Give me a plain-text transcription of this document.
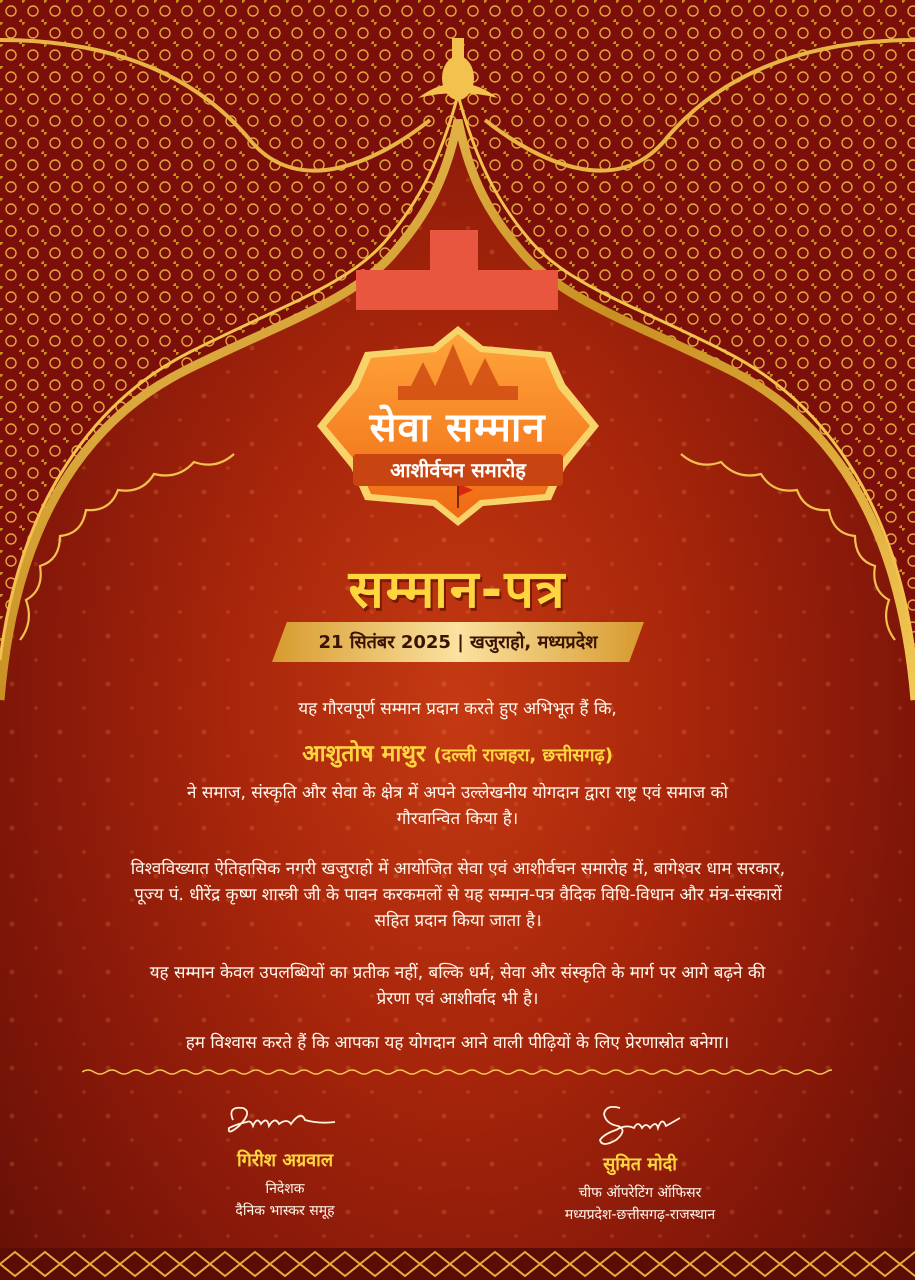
सेवा सम्मान
आशीर्वचन समारोह
सम्मान-पत्र
21 सितंबर 2025 | खजुराहो, मध्यप्रदेश
यह गौरवपूर्ण सम्मान प्रदान करते हुए अभिभूत हैं कि,
आशुतोष माथुर (दल्ली राजहरा, छत्तीसगढ़)
ने समाज, संस्कृति और सेवा के क्षेत्र में अपने उल्लेखनीय योगदान द्वारा राष्ट्र एवं समाज को गौरवान्वित किया है।
विश्वविख्यात ऐतिहासिक नगरी खजुराहो में आयोजित सेवा एवं आशीर्वचन समारोह में, बागेश्वर धाम सरकार, पूज्य पं. धीरेंद्र कृष्ण शास्त्री जी के पावन करकमलों से यह सम्मान-पत्र वैदिक विधि-विधान और मंत्र-संस्कारों सहित प्रदान किया जाता है।
यह सम्मान केवल उपलब्धियों का प्रतीक नहीं, बल्कि धर्म, सेवा और संस्कृति के मार्ग पर आगे बढ़ने की प्रेरणा एवं आशीर्वाद भी है।
हम विश्वास करते हैं कि आपका यह योगदान आने वाली पीढ़ियों के लिए प्रेरणास्रोत बनेगा।
गिरीश अग्रवाल
निदेशक
दैनिक भास्कर समूह
सुमित मोदी
चीफ ऑपरेटिंग ऑफिसर
मध्यप्रदेश-छत्तीसगढ़-राजस्थान
